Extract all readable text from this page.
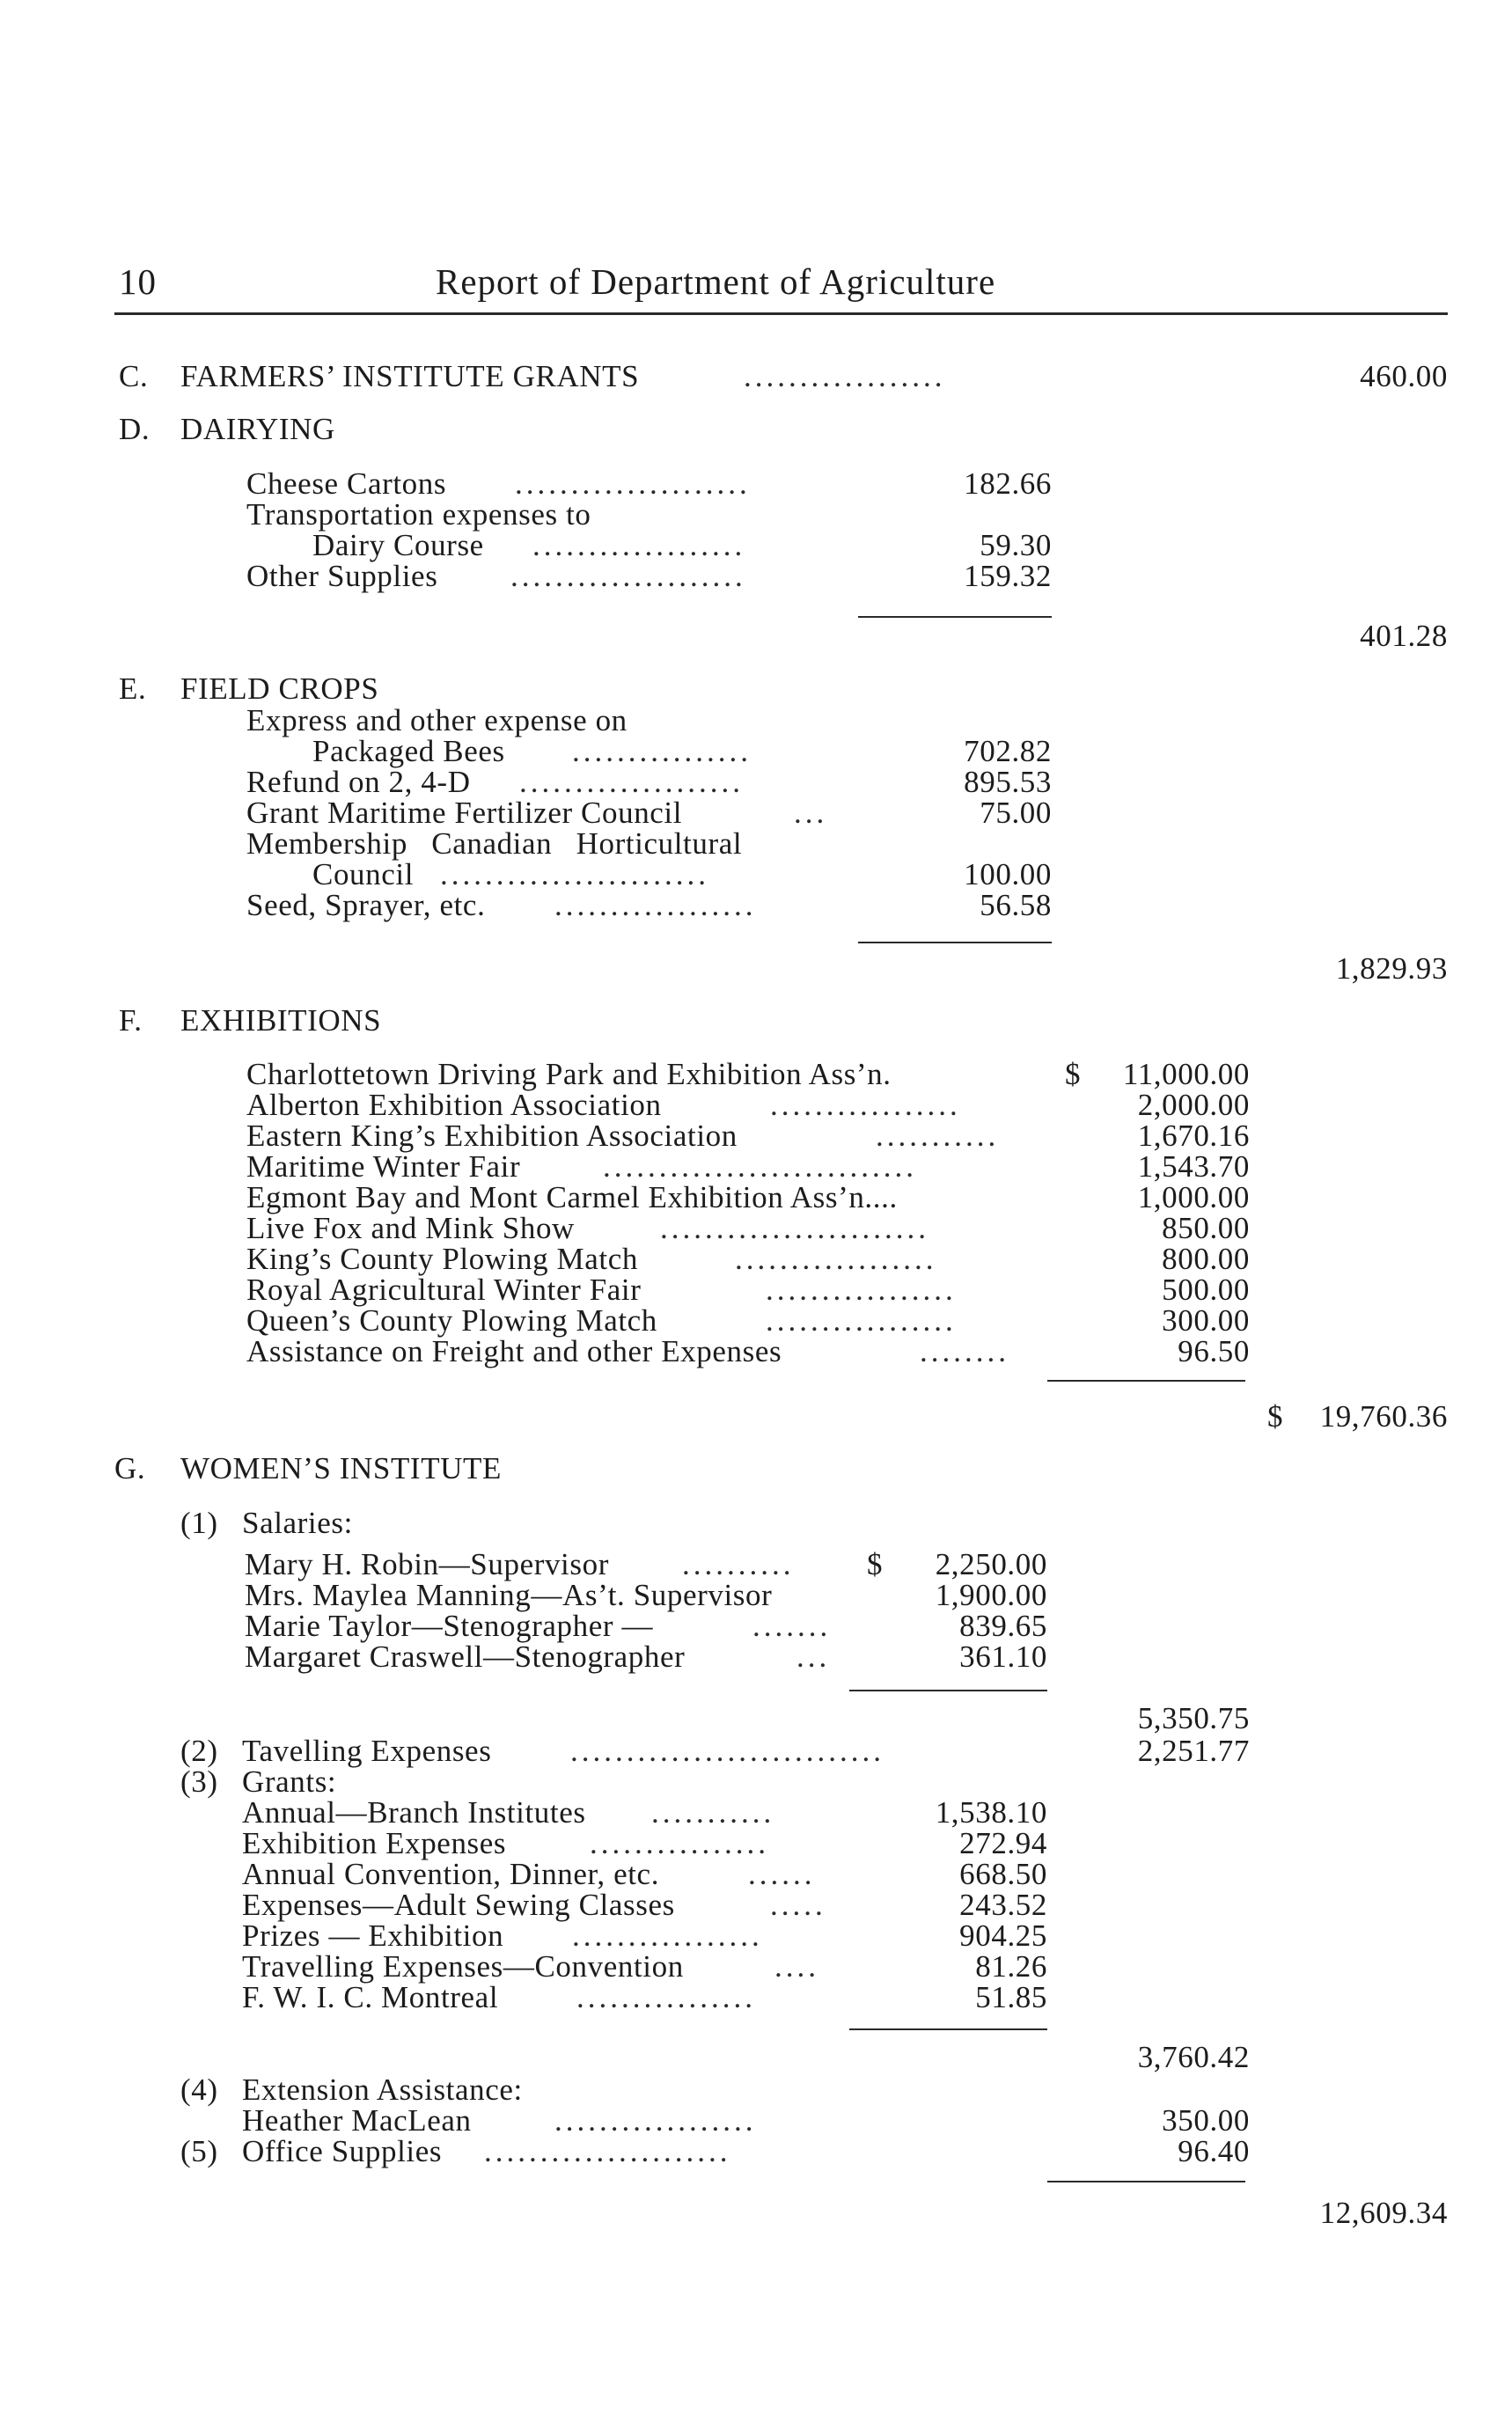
10	Report of Department of Agriculture
C. FARMERS’ INSTITUTE GRANTS	..................	460.00
D. DAIRYING
Cheese Cartons .....................	182.66
Transportation expenses to
Dairy Course ...................	59.30
Other Supplies .....................	159.32
401.28
E. FIELD CROPS
Express and other expense on
Packaged Bees ................	702.82
Refund on 2, 4-D ....................	895.53
Grant Maritime Fertilizer Council	...	75.00
Membership Canadian Horticultural
Council ........................	100.00
Seed, Sprayer, etc. ..................	56.58
1,829.93
F. EXHIBITIONS
Charlottetown Driving Park and Exhibition Ass’n.	$	11,000.00
Alberton Exhibition Association	.................	2,000.00
Eastern King’s Exhibition Association	...........	1,670.16
Maritime Winter Fair	............................	1,543.70
Egmont Bay and Mont Carmel Exhibition Ass’n....	1,000.00
Live Fox and Mink Show	........................	850.00
King’s County Plowing Match	..................	800.00
Royal Agricultural Winter Fair	.................	500.00
Queen’s County Plowing Match	.................	300.00
Assistance on Freight and other Expenses	........	96.50
$	19,760.36
G. WOMEN’S INSTITUTE
(1) Salaries:
Mary H. Robin—Supervisor .......... $	2,250.00
Mrs. Maylea Manning—As’t. Supervisor	1,900.00
Marie Taylor—Stenographer —	.......	839.65
Margaret Craswell—Stenographer	...	361.10
5,350.75
(2) Tavelling Expenses	............................	2,251.77
(3) Grants:
Annual—Branch Institutes ...........	1,538.10
Exhibition Expenses	................	272.94
Annual Convention, Dinner, etc.	......	668.50
Expenses—Adult Sewing Classes	.....	243.52
Prizes — Exhibition .................	904.25
Travelling Expenses—Convention	....	81.26
F. W. I. C. Montreal	................	51.85
3,760.42
(4) Extension Assistance:
Heather MacLean	..................	350.00
(5) Office Supplies ......................	96.40
12,609.34
